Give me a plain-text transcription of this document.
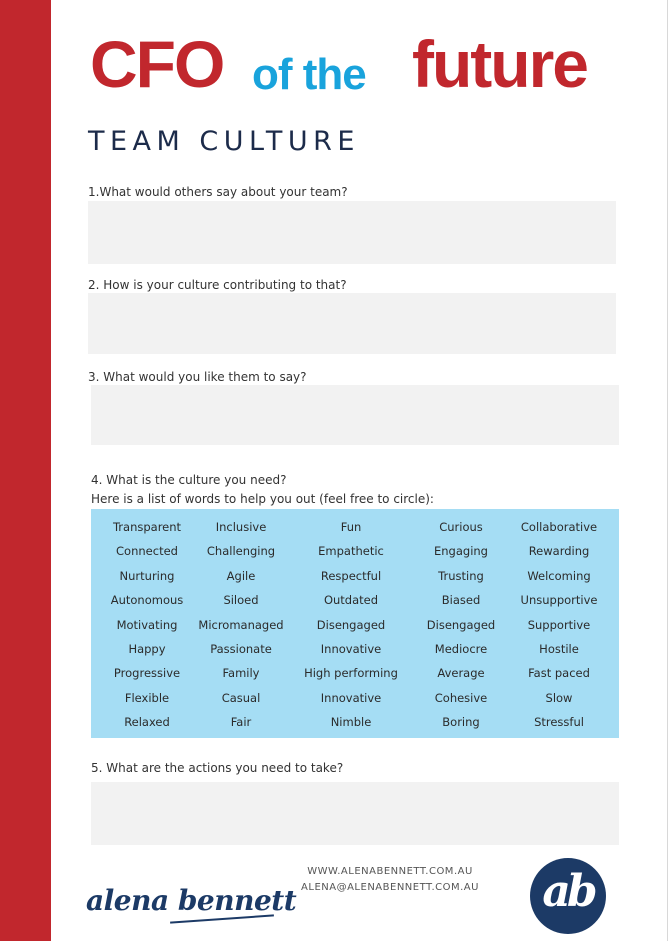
CFO of the future
TEAM CULTURE
1.What would others say about your team?
2. How is your culture contributing to that?
3. What would you like them to say?
4. What is the culture you need?
Here is a list of words to help you out (feel free to circle):
Transparent	Inclusive	Fun	Curious	Collaborative
Connected	Challenging	Empathetic	Engaging	Rewarding
Nurturing	Agile	Respectful	Trusting	Welcoming
Autonomous	Siloed	Outdated	Biased	Unsupportive
Motivating	Micromanaged	Disengaged	Disengaged	Supportive
Happy	Passionate	Innovative	Mediocre	Hostile
Progressive	Family	High performing	Average	Fast paced
Flexible	Casual	Innovative	Cohesive	Slow
Relaxed	Fair	Nimble	Boring	Stressful
5. What are the actions you need to take?
alena bennett
WWW.ALENABENNETT.COM.AU
ALENA@ALENABENNETT.COM.AU ab
